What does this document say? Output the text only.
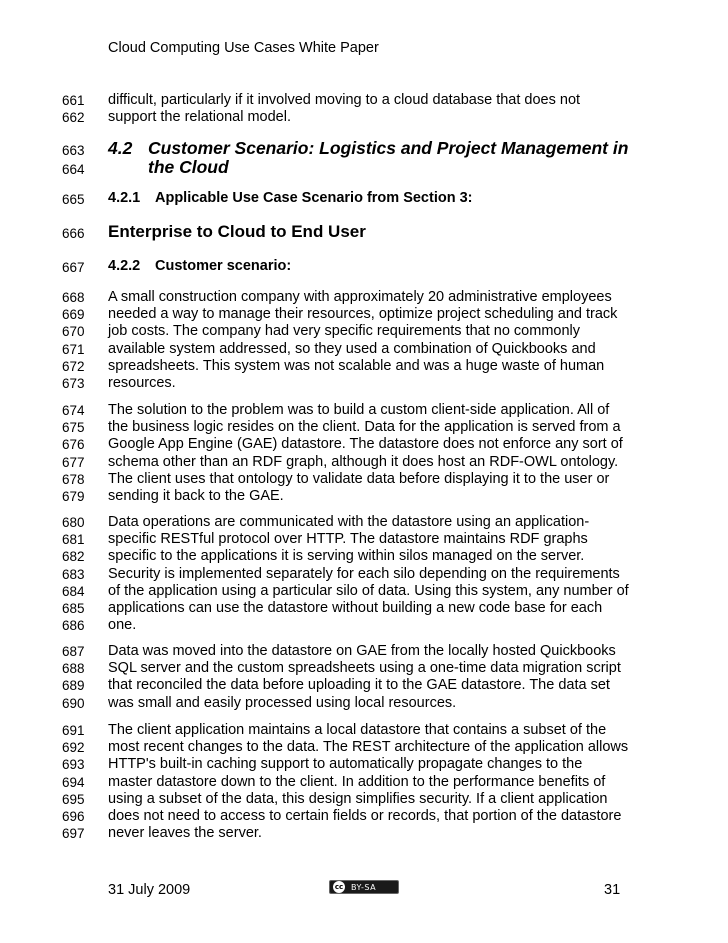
Cloud Computing Use Cases White Paper
661
662
difficult, particularly if it involved moving to a cloud database that does not
support the relational model.
663
664
4.2 Customer Scenario: Logistics and Project Management in
the Cloud
665 4.2.1 Applicable Use Case Scenario from Section 3:
666 Enterprise to Cloud to End User
667 4.2.2 Customer scenario:
668
669
670
671
672
673
A small construction company with approximately 20 administrative employees
needed a way to manage their resources, optimize project scheduling and track
job costs. The company had very specific requirements that no commonly
available system addressed, so they used a combination of Quickbooks and
spreadsheets. This system was not scalable and was a huge waste of human
resources.
674
675
676
677
678
679
The solution to the problem was to build a custom client-side application. All of
the business logic resides on the client. Data for the application is served from a
Google App Engine (GAE) datastore. The datastore does not enforce any sort of
schema other than an RDF graph, although it does host an RDF-OWL ontology.
The client uses that ontology to validate data before displaying it to the user or
sending it back to the GAE.
680
681
682
683
684
685
686
Data operations are communicated with the datastore using an application-
specific RESTful protocol over HTTP. The datastore maintains RDF graphs
specific to the applications it is serving within silos managed on the server.
Security is implemented separately for each silo depending on the requirements
of the application using a particular silo of data. Using this system, any number of
applications can use the datastore without building a new code base for each
one.
687
688
689
690
Data was moved into the datastore on GAE from the locally hosted Quickbooks
SQL server and the custom spreadsheets using a one-time data migration script
that reconciled the data before uploading it to the GAE datastore. The data set
was small and easily processed using local resources.
691
692
693
694
695
696
697
The client application maintains a local datastore that contains a subset of the
most recent changes to the data. The REST architecture of the application allows
HTTP's built-in caching support to automatically propagate changes to the
master datastore down to the client. In addition to the performance benefits of
using a subset of the data, this design simplifies security. If a client application
does not need to access to certain fields or records, that portion of the datastore
never leaves the server.
31 July 2009	cc BY-SA	31
